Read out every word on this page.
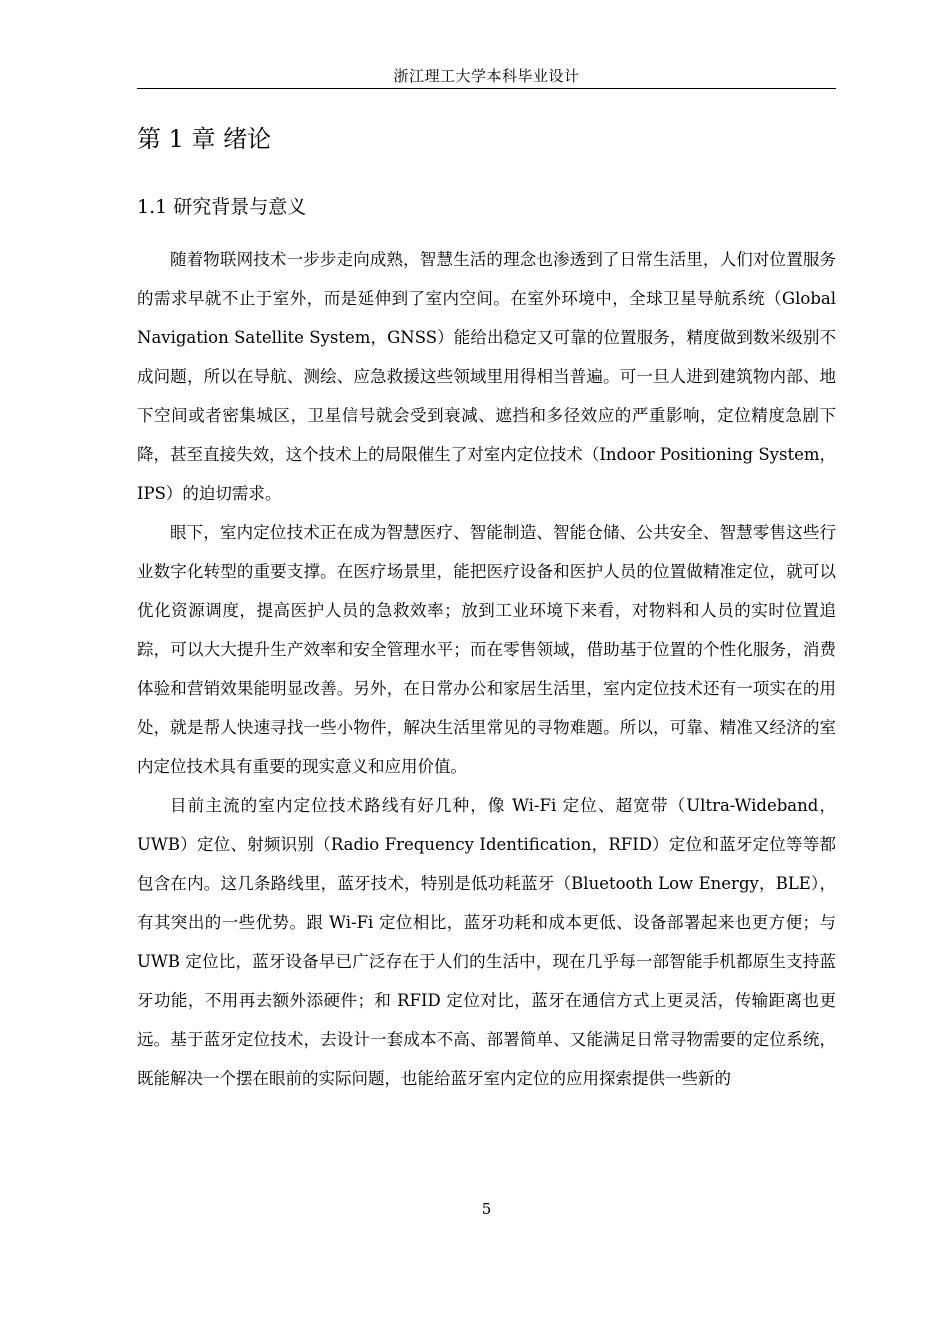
浙江理工大学本科毕业设计
第 1 章 绪论
1.1 研究背景与意义

随着物联网技术一步步走向成熟，智慧生活的理念也渗透到了日常生活里，人们对位置服务的需求早就不止于室外，而是延伸到了室内空间。在室外环境中，全球卫星导航系统（Global Navigation Satellite System，GNSS）能给出稳定又可靠的位置服务，精度做到数米级别不成问题，所以在导航、测绘、应急救援这些领域里用得相当普遍。可一旦人进到建筑物内部、地下空间或者密集城区，卫星信号就会受到衰减、遮挡和多径效应的严重影响，定位精度急剧下降，甚至直接失效，这个技术上的局限催生了对室内定位技术（Indoor Positioning System，IPS）的迫切需求。

眼下，室内定位技术正在成为智慧医疗、智能制造、智能仓储、公共安全、智慧零售这些行业数字化转型的重要支撑。在医疗场景里，能把医疗设备和医护人员的位置做精准定位，就可以优化资源调度，提高医护人员的急救效率；放到工业环境下来看，对物料和人员的实时位置追踪，可以大大提升生产效率和安全管理水平；而在零售领域，借助基于位置的个性化服务，消费体验和营销效果能明显改善。另外，在日常办公和家居生活里，室内定位技术还有一项实在的用处，就是帮人快速寻找一些小物件，解决生活里常见的寻物难题。所以，可靠、精准又经济的室内定位技术具有重要的现实意义和应用价值。

目前主流的室内定位技术路线有好几种，像 Wi-Fi 定位、超宽带（Ultra-Wideband，UWB）定位、射频识别（Radio Frequency Identification，RFID）定位和蓝牙定位等等都包含在内。这几条路线里，蓝牙技术，特别是低功耗蓝牙（Bluetooth Low Energy，BLE），有其突出的一些优势。跟 Wi-Fi 定位相比，蓝牙功耗和成本更低、设备部署起来也更方便；与 UWB 定位比，蓝牙设备早已广泛存在于人们的生活中，现在几乎每一部智能手机都原生支持蓝牙功能，不用再去额外添硬件；和 RFID 定位对比，蓝牙在通信方式上更灵活，传输距离也更远。基于蓝牙定位技术，去设计一套成本不高、部署简单、又能满足日常寻物需要的定位系统，既能解决一个摆在眼前的实际问题，也能给蓝牙室内定位的应用探索提供一些新的

5
